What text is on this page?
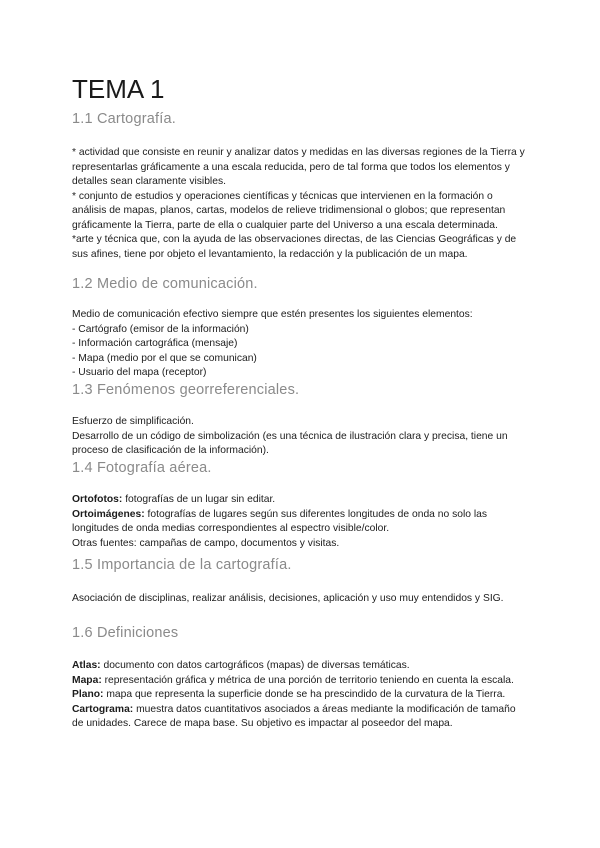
TEMA 1
1.1 Cartografía.

* actividad que consiste en reunir y analizar datos y medidas en las diversas regiones de la Tierra y representarlas gráficamente a una escala reducida, pero de tal forma que todos los elementos y detalles sean claramente visibles.

* conjunto de estudios y operaciones científicas y técnicas que intervienen en la formación o análisis de mapas, planos, cartas, modelos de relieve tridimensional o globos; que representan gráficamente la Tierra, parte de ella o cualquier parte del Universo a una escala determinada.

*arte y técnica que, con la ayuda de las observaciones directas, de las Ciencias Geográficas y de sus afines, tiene por objeto el levantamiento, la redacción y la publicación de un mapa.

1.2 Medio de comunicación.

Medio de comunicación efectivo siempre que estén presentes los siguientes elementos:

- Cartógrafo (emisor de la información)

- Información cartográfica (mensaje)

- Mapa (medio por el que se comunican)

- Usuario del mapa (receptor)

1.3 Fenómenos georreferenciales.

Esfuerzo de simplificación.

Desarrollo de un código de simbolización (es una técnica de ilustración clara y precisa, tiene un proceso de clasificación de la información).

1.4 Fotografía aérea.

Ortofotos: fotografías de un lugar sin editar.

Ortoimágenes: fotografías de lugares según sus diferentes longitudes de onda no solo las longitudes de onda medias correspondientes al espectro visible/color.

Otras fuentes: campañas de campo, documentos y visitas.

1.5 Importancia de la cartografía.

Asociación de disciplinas, realizar análisis, decisiones, aplicación y uso muy entendidos y SIG.

1.6 Definiciones

Atlas: documento con datos cartográficos (mapas) de diversas temáticas.

Mapa: representación gráfica y métrica de una porción de territorio teniendo en cuenta la escala.

Plano: mapa que representa la superficie donde se ha prescindido de la curvatura de la Tierra.

Cartograma: muestra datos cuantitativos asociados a áreas mediante la modificación de tamaño de unidades. Carece de mapa base. Su objetivo es impactar al poseedor del mapa.
